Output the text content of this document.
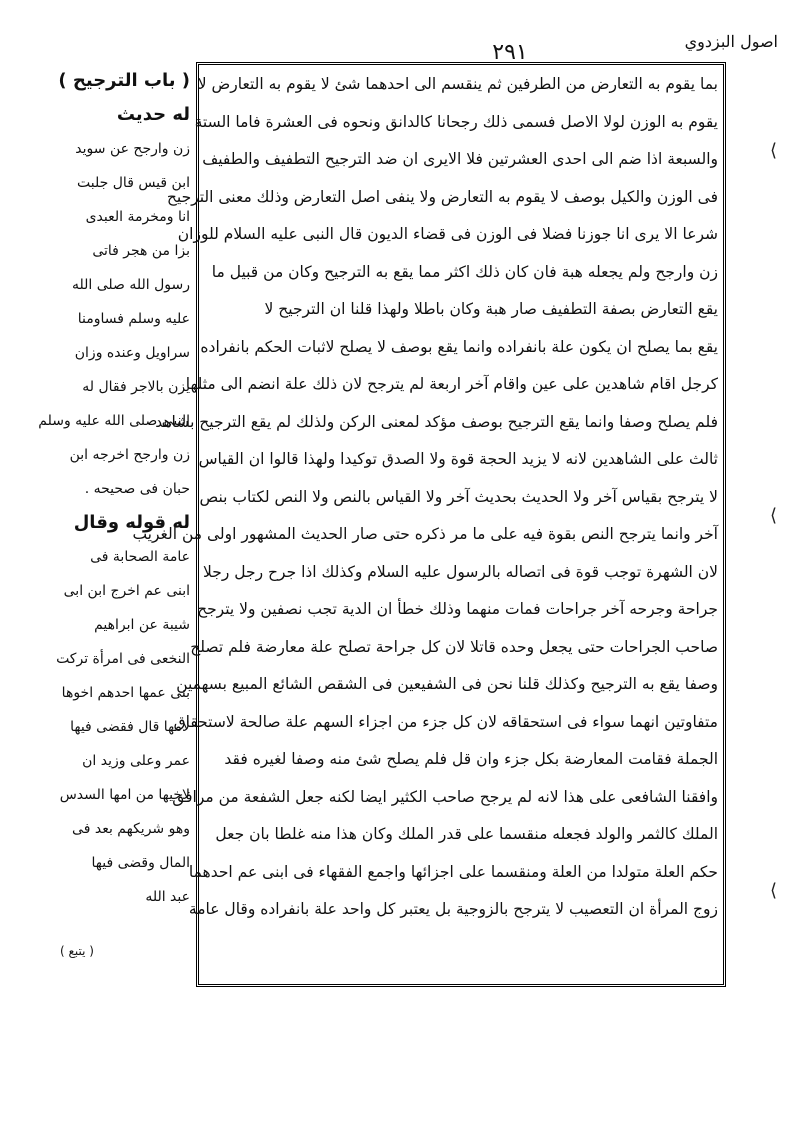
٢٩١	اصول البزدوي
بما يقوم به التعارض من الطرفين ثم ينقسم الى احدهما شئ لا يقوم به التعارض لا
يقوم به الوزن لولا الاصل فسمى ذلك رجحانا كالدانق ونحوه فى العشرة فاما الستة
والسبعة اذا ضم الى احدى العشرتين فلا الايرى ان ضد الترجيح التطفيف والطفيف
فى الوزن والكيل بوصف لا يقوم به التعارض ولا ينفى اصل التعارض وذلك معنى الترجيح
شرعا الا يرى انا جوزنا فضلا فى الوزن فى قضاء الديون قال النبى عليه السلام للوزان
زن وارجح ولم يجعله هبة فان كان ذلك اكثر مما يقع به الترجيح وكان من قبيل ما
يقع التعارض بصفة التطفيف صار هبة وكان باطلا ولهذا قلنا ان الترجيح لا
يقع بما يصلح ان يكون علة بانفراده وانما يقع بوصف لا يصلح لاثبات الحكم بانفراده
كرجل اقام شاهدين على عين واقام آخر اربعة لم يترجح لان ذلك علة انضم الى مثلها
فلم يصلح وصفا وانما يقع الترجيح بوصف مؤكد لمعنى الركن ولذلك لم يقع الترجيح بشاهد
ثالث على الشاهدين لانه لا يزيد الحجة قوة ولا الصدق توكيدا ولهذا قالوا ان القياس
لا يترجح بقياس آخر ولا الحديث بحديث آخر ولا القياس بالنص ولا النص لكتاب بنص
آخر وانما يترجح النص بقوة فيه على ما مر ذكره حتى صار الحديث المشهور اولى من الغريب
لان الشهرة توجب قوة فى اتصاله بالرسول عليه السلام وكذلك اذا جرح رجل رجلا
جراحة وجرحه آخر جراحات فمات منهما وذلك خطأ ان الدية تجب نصفين ولا يترجح
صاحب الجراحات حتى يجعل وحده قاتلا لان كل جراحة تصلح علة معارضة فلم تصلح
وصفا يقع به الترجيح وكذلك قلنا نحن فى الشفيعين فى الشقص الشائع المبيع بسهمين
متفاوتين انهما سواء فى استحقاقه لان كل جزء من اجزاء السهم علة صالحة لاستحقاق
الجملة فقامت المعارضة بكل جزء وان قل فلم يصلح شئ منه وصفا لغيره فقد
وافقنا الشافعى على هذا لانه لم يرجح صاحب الكثير ايضا لكنه جعل الشفعة من مرافق
الملك كالثمر والولد فجعله منقسما على قدر الملك وكان هذا منه غلطا بان جعل
حكم العلة متولدا من العلة ومنقسما على اجزائها واجمع الفقهاء فى ابنى عم احدهما
زوج المرأة ان التعصيب لا يترجح بالزوجية بل يعتبر كل واحد علة بانفراده وقال عامة
( باب الترجيح )
له حديث
زن وارجح عن سويد
ابن قيس قال جلبت
انا ومخرمة العبدى
بزا من هجر فاتى
رسول الله صلى الله
عليه وسلم فساومنا
سراويل وعنده وزان
يزن بالاجر فقال له
النبى صلى الله عليه وسلم
زن وارجح اخرجه ابن
حبان فى صحيحه .
له قوله وقال
عامة الصحابة فى
ابنى عم اخرج ابن ابى
شيبة عن ابراهيم
النخعى فى امرأة تركت
بنى عمها احدهم اخوها
لامها قال فقضى فيها
عمر وعلى وزيد ان
لاخيها من امها السدس
وهو شريكهم بعد فى
المال وقضى فيها
عبد الله
( يتبع )
⟨
⟨
⟨
